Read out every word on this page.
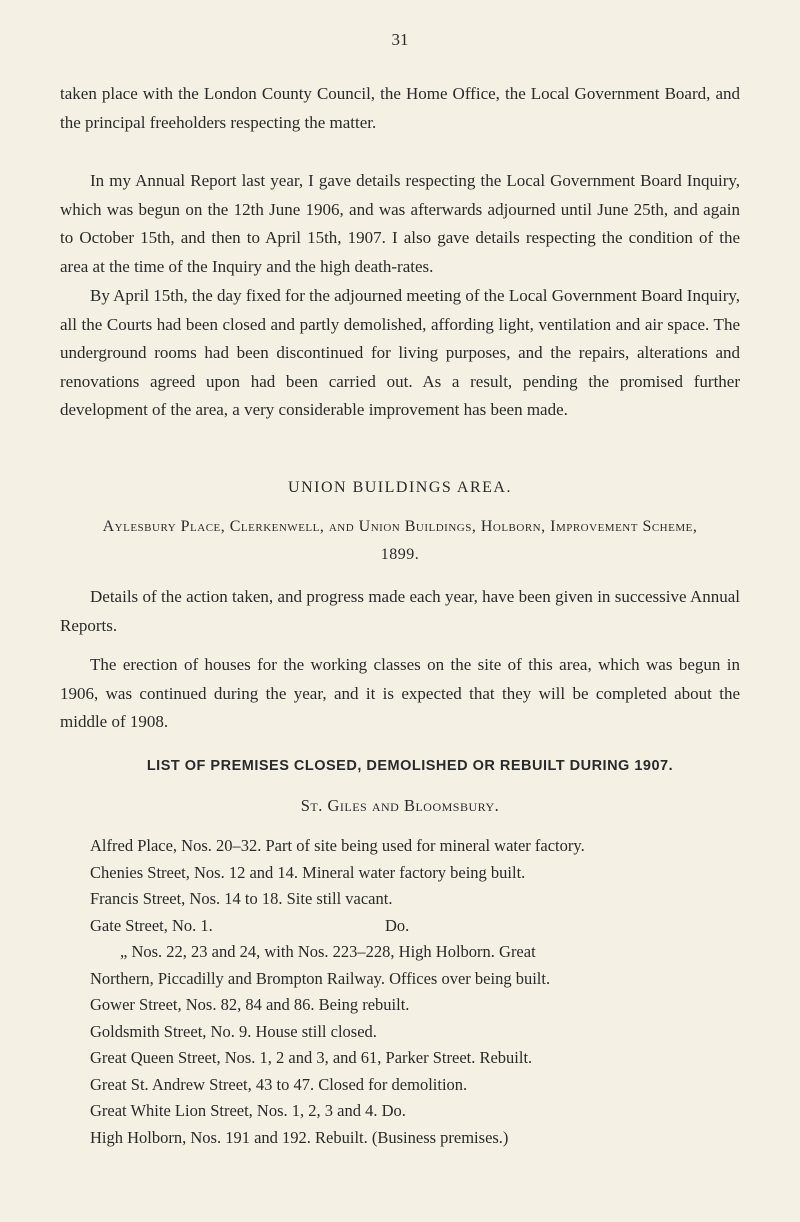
31

taken place with the London County Council, the Home Office, the Local Government Board, and the principal freeholders respecting the matter.

In my Annual Report last year, I gave details respecting the Local Government Board Inquiry, which was begun on the 12th June 1906, and was afterwards adjourned until June 25th, and again to October 15th, and then to April 15th, 1907. I also gave details respecting the condition of the area at the time of the Inquiry and the high death-rates.

By April 15th, the day fixed for the adjourned meeting of the Local Government Board Inquiry, all the Courts had been closed and partly demolished, affording light, ventilation and air space. The underground rooms had been discontinued for living purposes, and the repairs, alterations and renovations agreed upon had been carried out. As a result, pending the promised further development of the area, a very considerable improvement has been made.

UNION BUILDINGS AREA.
Aylesbury Place, Clerkenwell, and Union Buildings, Holborn, Improvement Scheme, 1899.

Details of the action taken, and progress made each year, have been given in successive Annual Reports.

The erection of houses for the working classes on the site of this area, which was begun in 1906, was continued during the year, and it is expected that they will be completed about the middle of 1908.

LIST OF PREMISES CLOSED, DEMOLISHED OR REBUILT DURING 1907.
St. Giles and Bloomsbury.

Alfred Place, Nos. 20–32. Part of site being used for mineral water factory.

Chenies Street, Nos. 12 and 14. Mineral water factory being built.

Francis Street, Nos. 14 to 18. Site still vacant.

Gate Street, No. 1.	Do.

„ Nos. 22, 23 and 24, with Nos. 223–228, High Holborn. Great

Northern, Piccadilly and Brompton Railway. Offices over being built.

Gower Street, Nos. 82, 84 and 86. Being rebuilt.

Goldsmith Street, No. 9. House still closed.

Great Queen Street, Nos. 1, 2 and 3, and 61, Parker Street. Rebuilt.

Great St. Andrew Street, 43 to 47. Closed for demolition.

Great White Lion Street, Nos. 1, 2, 3 and 4. Do.

High Holborn, Nos. 191 and 192. Rebuilt. (Business premises.)
